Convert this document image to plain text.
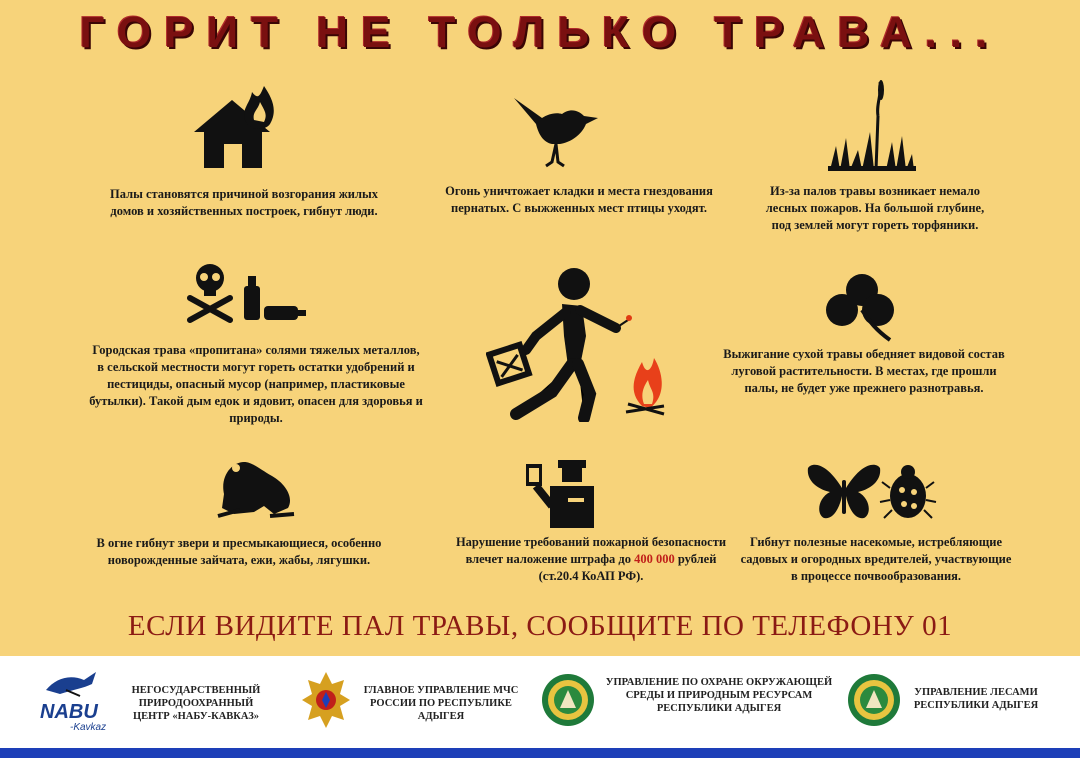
ГОРИТ НЕ ТОЛЬКО ТРАВА...
Палы становятся причиной возгорания жилых домов и хозяйственных построек, гибнут люди.
Огонь уничтожает кладки и места гнездования пернатых. С выжженных мест птицы уходят.
Из-за палов травы возникает немало лесных пожаров. На большой глубине, под землей могут гореть торфяники.
Городская трава «пропитана» солями тяжелых металлов, в сельской местности могут гореть остатки удобрений и пестициды, опасный мусор (например, пластиковые бутылки). Такой дым едок и ядовит, опасен для здоровья и природы.
Выжигание сухой травы обедняет видовой состав луговой растительности. В местах, где прошли палы, не будет уже прежнего разнотравья.
В огне гибнут звери и пресмыкающиеся, особенно новорожденные зайчата, ежи, жабы, лягушки.
Нарушение требований пожарной безопасности влечет наложение штрафа до 400 000 рублей (ст.20.4 КоАП РФ).
Гибнут полезные насекомые, истребляющие садовых и огородных вредителей, участвующие в процессе почвообразования.
ЕСЛИ ВИДИТЕ ПАЛ ТРАВЫ, СООБЩИТЕ ПО ТЕЛЕФОНУ 01
NABU
-Kavkaz
НЕГОСУДАРСТВЕННЫЙ ПРИРОДООХРАННЫЙ ЦЕНТР «НАБУ-КАВКАЗ»
ГЛАВНОЕ УПРАВЛЕНИЕ МЧС РОССИИ ПО РЕСПУБЛИКЕ АДЫГЕЯ
УПРАВЛЕНИЕ ПО ОХРАНЕ ОКРУЖАЮЩЕЙ СРЕДЫ И ПРИРОДНЫМ РЕСУРСАМ РЕСПУБЛИКИ АДЫГЕЯ
УПРАВЛЕНИЕ ЛЕСАМИ РЕСПУБЛИКИ АДЫГЕЯ
